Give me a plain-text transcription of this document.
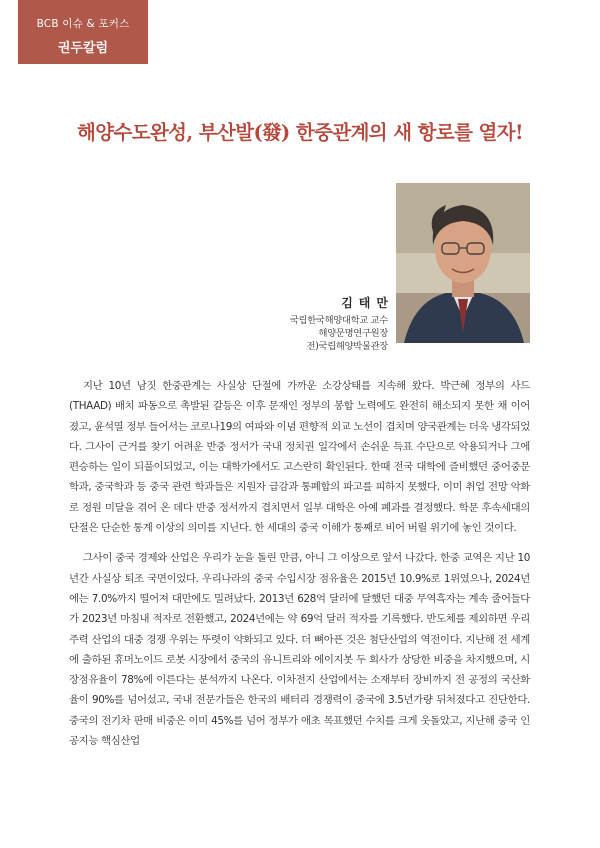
BCB 이슈 & 포커스
권두칼럼
해양수도완성, 부산발(發) 한중관계의 새 항로를 열자!
김태만
국립한국해양대학교 교수
해양문명연구원장
전)국립해양박물관장

지난 10년 남짓 한중관계는 사실상 단절에 가까운 소강상태를 지속해 왔다. 박근혜 정부의 사드(THAAD) 배치 파동으로 촉발된 갈등은 이후 문재인 정부의 봉합 노력에도 완전히 해소되지 못한 채 이어졌고, 윤석열 정부 들어서는 코로나19의 여파와 이념 편향적 외교 노선이 겹치며 양국관계는 더욱 냉각되었다. 그사이 근거를 찾기 어려운 반중 정서가 국내 정치권 일각에서 손쉬운 득표 수단으로 악용되거나 그에 편승하는 일이 되풀이되었고, 이는 대학가에서도 고스란히 확인된다. 한때 전국 대학에 즐비했던 중어중문학과, 중국학과 등 중국 관련 학과들은 지원자 급감과 통폐합의 파고를 피하지 못했다. 이미 취업 전망 악화로 정원 미달을 겪어 온 데다 반중 정서까지 겹치면서 일부 대학은 아예 폐과를 결정했다. 학문 후속세대의 단절은 단순한 통계 이상의 의미를 지닌다. 한 세대의 중국 이해가 통째로 비어 버릴 위기에 놓인 것이다.

그사이 중국 경제와 산업은 우리가 눈을 돌린 만큼, 아니 그 이상으로 앞서 나갔다. 한중 교역은 지난 10년간 사실상 퇴조 국면이었다. 우리나라의 중국 수입시장 점유율은 2015년 10.9%로 1위였으나, 2024년에는 7.0%까지 떨어져 대만에도 밀려났다. 2013년 628억 달러에 달했던 대중 무역흑자는 계속 줄어들다가 2023년 마침내 적자로 전환했고, 2024년에는 약 69억 달러 적자를 기록했다. 반도체를 제외하면 우리 주력 산업의 대중 경쟁 우위는 뚜렷이 약화되고 있다. 더 뼈아픈 것은 첨단산업의 역전이다. 지난해 전 세계에 출하된 휴머노이드 로봇 시장에서 중국의 유니트리와 에이지봇 두 회사가 상당한 비중을 차지했으며, 시장점유율이 78%에 이른다는 분석까지 나온다. 이차전지 산업에서는 소재부터 장비까지 전 공정의 국산화율이 90%를 넘어섰고, 국내 전문가들은 한국의 배터리 경쟁력이 중국에 3.5년가량 뒤처졌다고 진단한다. 중국의 전기차 판매 비중은 이미 45%를 넘어 정부가 애초 목표했던 수치를 크게 웃돌았고, 지난해 중국 인공지능 핵심산업
